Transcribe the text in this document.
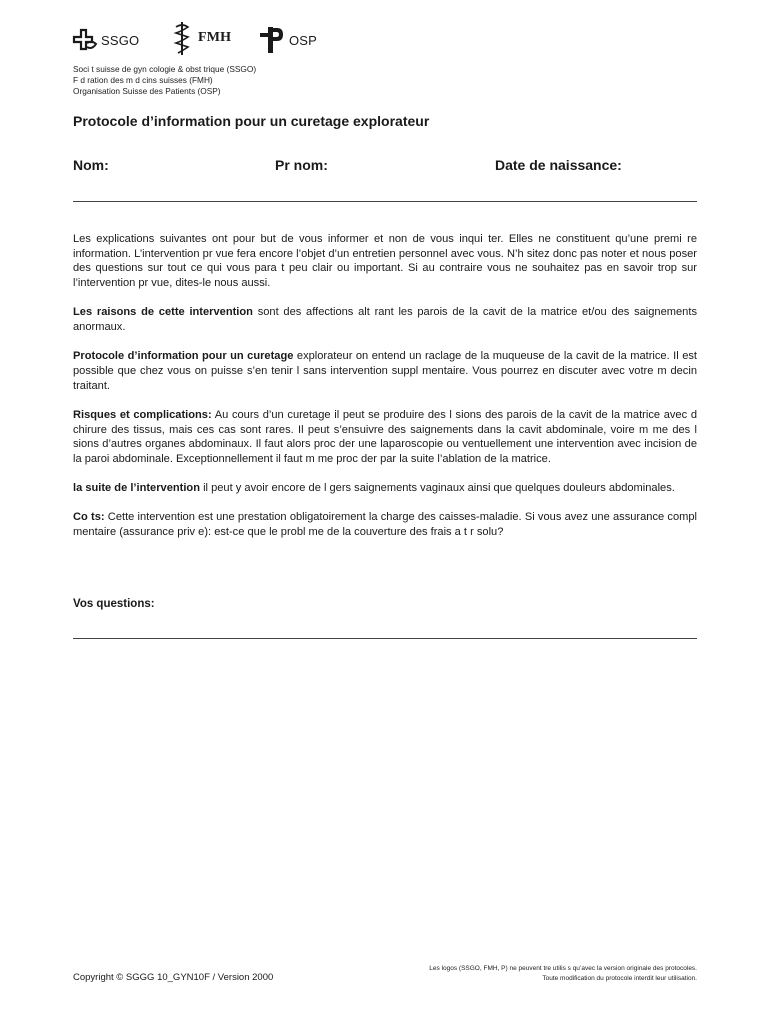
SSGO	FMH	OSP
Soci t suisse de gyn cologie & obst trique (SSGO)
F d ration des m d cins suisses (FMH)
Organisation Suisse des Patients (OSP)
Protocole d’information pour un curetage explorateur
Nom:	Pr nom:	Date de naissance:

Les explications suivantes ont pour but de vous informer et non de vous inqui ter. Elles ne constituent qu’une premi re information. L’intervention pr vue fera encore l’objet d’un entretien personnel avec vous. N’h sitez donc pas noter et nous poser des questions sur tout ce qui vous para t peu clair ou important. Si au contraire vous ne souhaitez pas en savoir trop sur l’intervention pr vue, dites-le nous aussi.

Les raisons de cette intervention sont des affections alt rant les parois de la cavit de la matrice et/ou des saignements anormaux.

Protocole d’information pour un curetage explorateur on entend un raclage de la muqueuse de la cavit de la matrice. Il est possible que chez vous on puisse s’en tenir l sans intervention suppl mentaire. Vous pourrez en discuter avec votre m decin traitant.

Risques et complications: Au cours d’un curetage il peut se produire des l sions des parois de la cavit de la matrice avec d chirure des tissus, mais ces cas sont rares. Il peut s’ensuivre des saignements dans la cavit abdominale, voire m me des l sions d’autres organes abdominaux. Il faut alors proc der une laparoscopie ou ventuellement une intervention avec incision de la paroi abdominale. Exceptionnellement il faut m me proc der par la suite l’ablation de la matrice.

la suite de l’intervention il peut y avoir encore de l gers saignements vaginaux ainsi que quelques douleurs abdominales.

Co ts: Cette intervention est une prestation obligatoirement la charge des caisses-maladie. Si vous avez une assurance compl mentaire (assurance priv e): est-ce que le probl me de la couverture des frais a t r solu?

Vos questions:
Copyright © SGGG 10_GYN10F / Version 2000
Les logos (SSGO, FMH, P) ne peuvent tre utilis s qu’avec la version originale des protocoles.
Toute modification du protocole interdit leur utilisation.
